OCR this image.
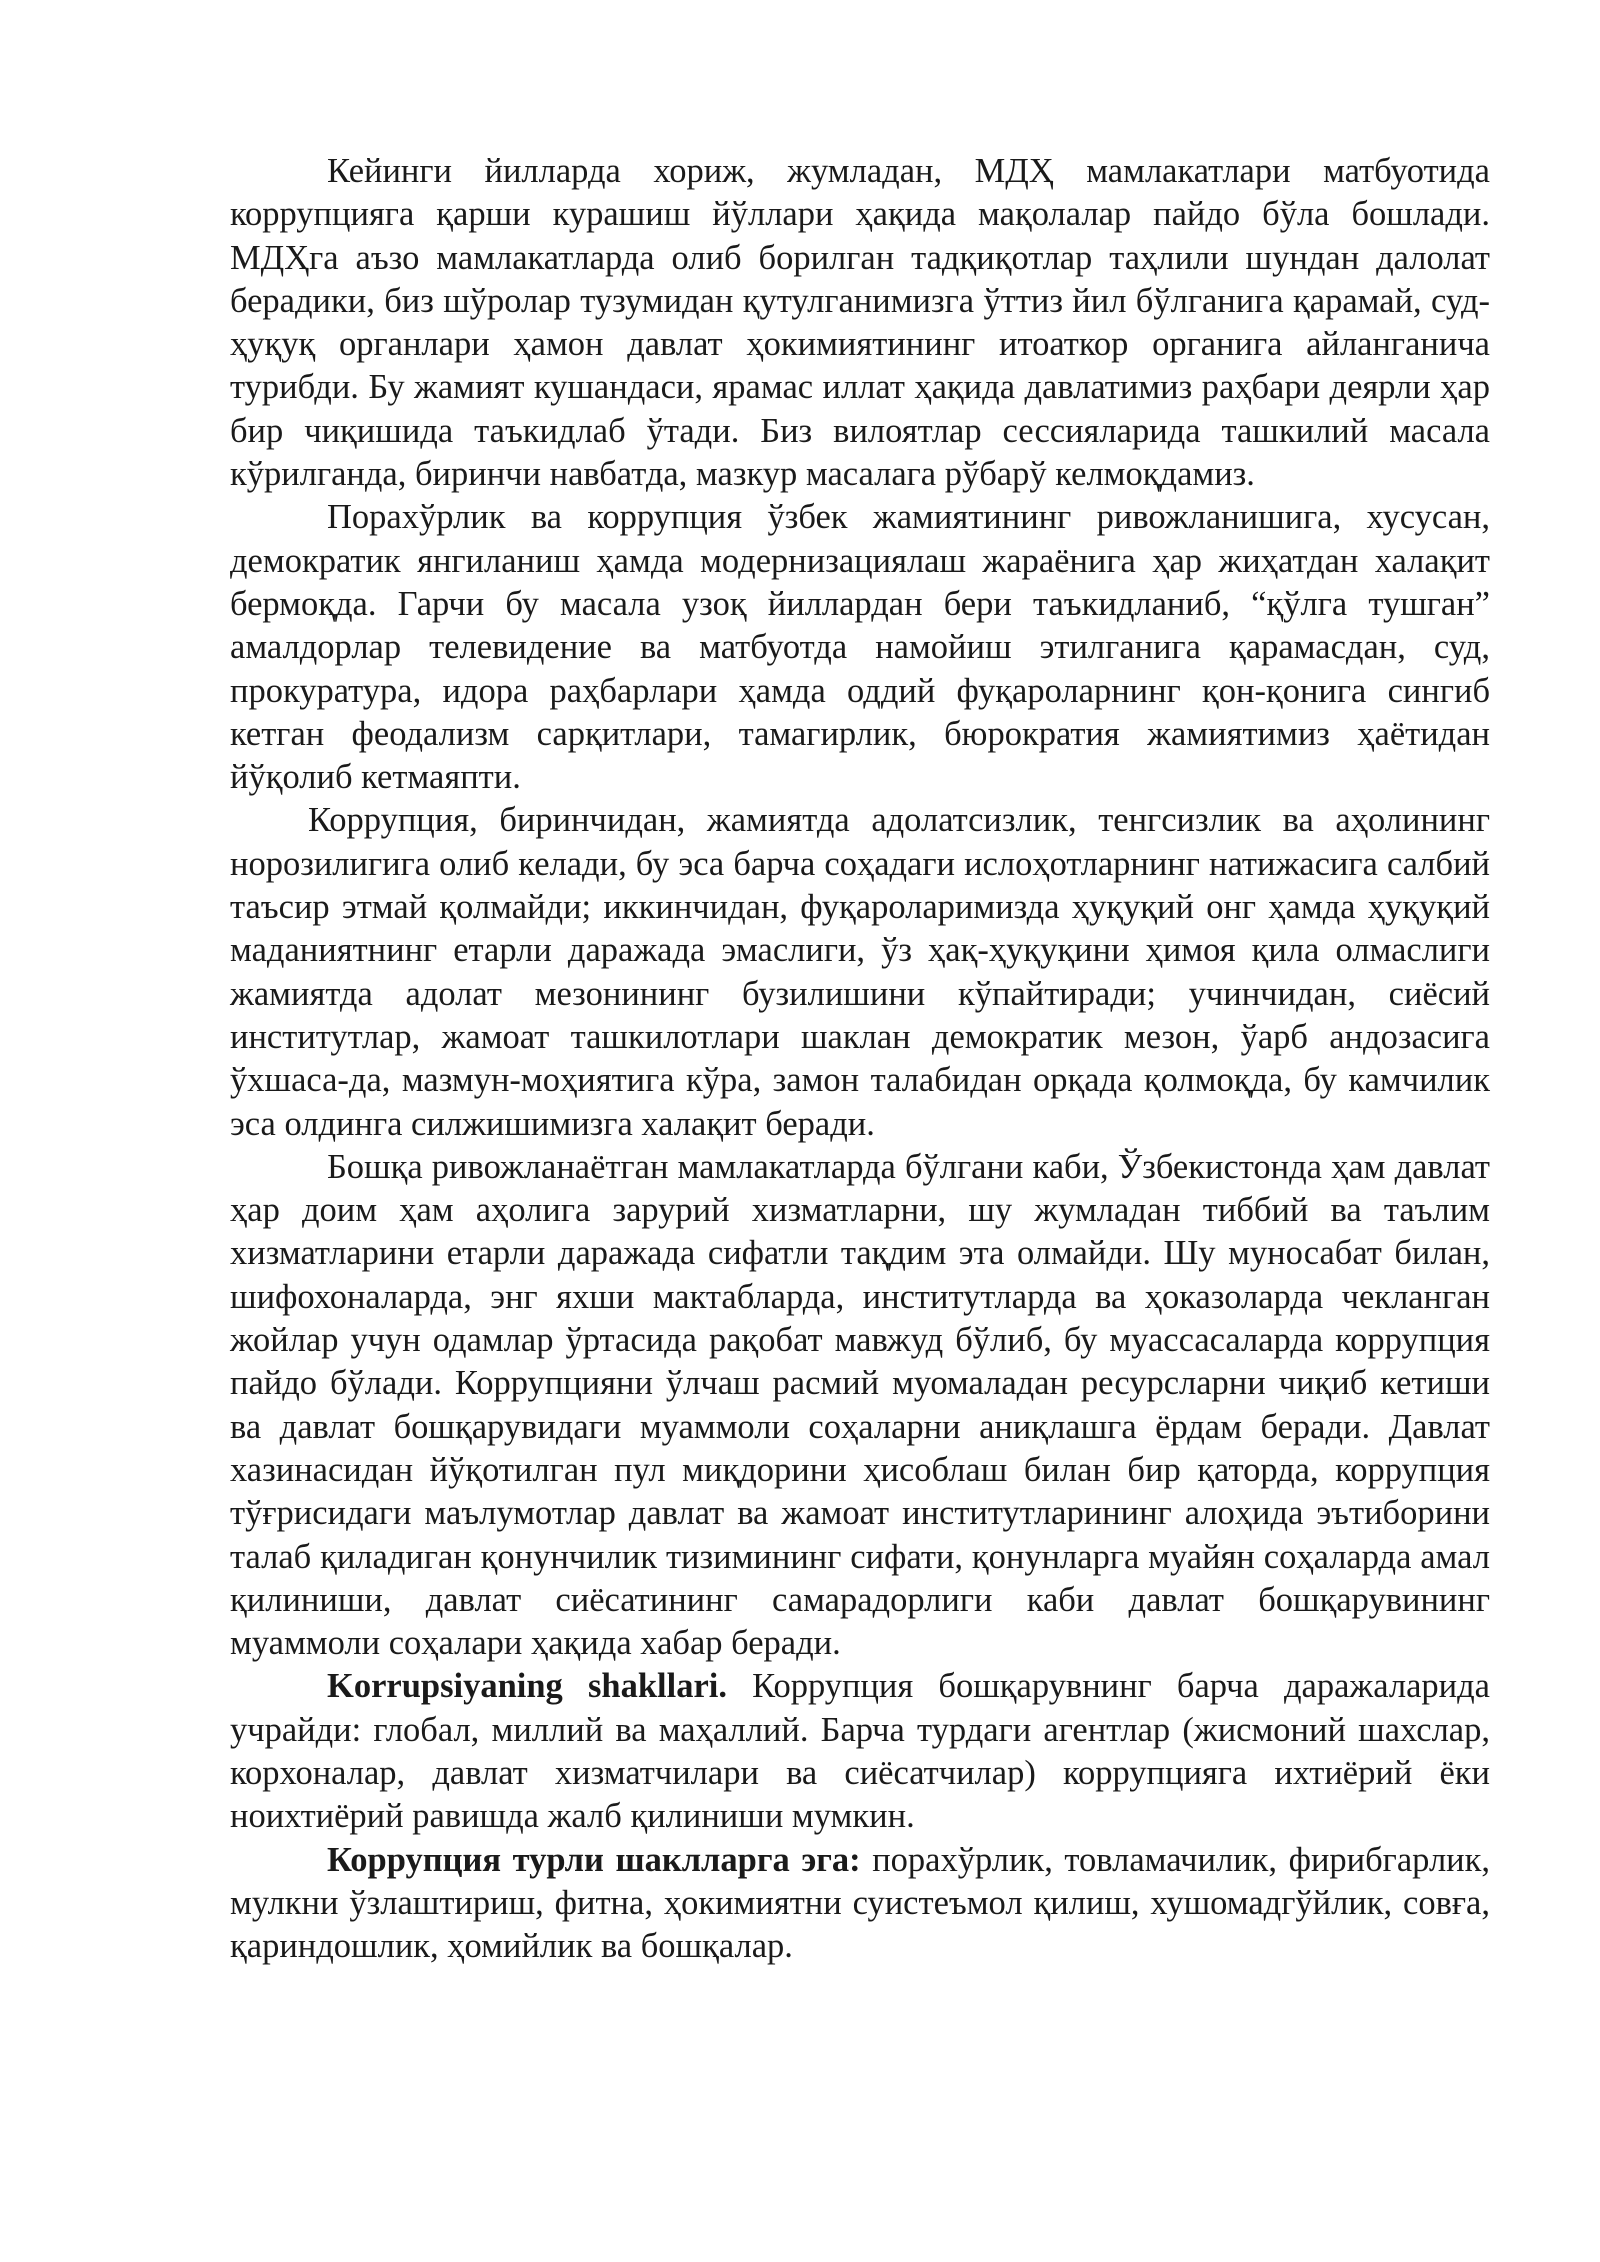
Кейинги йилларда хориж, жумладан, МДҲ мамлакатлари матбуотида коррупцияга қарши курашиш йўллари ҳақида мақолалар пайдо бўла бошлади. МДҲга аъзо мамлакатларда олиб борилган тадқиқотлар таҳлили шундан далолат берадики, биз шўролар тузумидан қутулганимизга ўттиз йил бўлганига қарамай, суд-ҳуқуқ органлари ҳамон давлат ҳокимиятининг итоаткор органига айланганича турибди. Бу жамият кушандаси, ярамас иллат ҳақида давлатимиз раҳбари деярли ҳар бир чиқишида таъкидлаб ўтади. Биз вилоятлар сессияларида ташкилий масала кўрилганда, биринчи навбатда, мазкур масалага рўбарў келмоқдамиз.

Порахўрлик ва коррупция ўзбек жамиятининг ривожланишига, хусусан, демократик янгиланиш ҳамда модернизациялаш жараёнига ҳар жиҳатдан халақит бермоқда. Гарчи бу масала узоқ йиллардан бери таъкидланиб, “қўлга тушган” амалдорлар телевидение ва матбуотда намойиш этилганига қарамасдан, суд, прокуратура, идора раҳбарлари ҳамда оддий фуқароларнинг қон-қонига сингиб кетган феодализм сарқитлари, тамагирлик, бюрократия жамиятимиз ҳаётидан йўқолиб кетмаяпти.

Коррупция, биринчидан, жамиятда адолатсизлик, тенгсизлик ва аҳолининг норозилигига олиб келади, бу эса барча соҳадаги ислоҳотларнинг натижасига салбий таъсир этмай қолмайди; иккинчидан, фуқароларимизда ҳуқуқий онг ҳамда ҳуқуқий маданиятнинг етарли даражада эмаслиги, ўз ҳақ-ҳуқуқини ҳимоя қила олмаслиги жамиятда адолат мезонининг бузилишини кўпайтиради; учинчидан, сиёсий институтлар, жамоат ташкилотлари шаклан демократик мезон, ўарб андозасига ўхшаса-да, мазмун-моҳиятига кўра, замон талабидан орқада қолмоқда, бу камчилик эса олдинга силжишимизга халақит беради.

Бошқа ривожланаётган мамлакатларда бўлгани каби, Ўзбекистонда ҳам давлат ҳар доим ҳам аҳолига зарурий хизматларни, шу жумладан тиббий ва таълим хизматларини етарли даражада сифатли тақдим эта олмайди. Шу муносабат билан, шифохоналарда, энг яхши мактабларда, институтларда ва ҳоказоларда чекланган жойлар учун одамлар ўртасида рақобат мавжуд бўлиб, бу муассасаларда коррупция пайдо бўлади. Коррупцияни ўлчаш расмий муомаладан ресурсларни чиқиб кетиши ва давлат бошқарувидаги муаммоли соҳаларни аниқлашга ёрдам беради. Давлат хазинасидан йўқотилган пул миқдорини ҳисоблаш билан бир қаторда, коррупция тўғрисидаги маълумотлар давлат ва жамоат институтларининг алоҳида эътиборини талаб қиладиган қонунчилик тизимининг сифати, қонунларга муайян соҳаларда амал қилиниши, давлат сиёсатининг самарадорлиги каби давлат бошқарувининг муаммоли соҳалари ҳақида хабар беради.

Korrupsiyaning shakllari. Коррупция бошқарувнинг барча даражаларида учрайди: глобал, миллий ва маҳаллий. Барча турдаги агентлар (жисмоний шахслар, корхоналар, давлат хизматчилари ва сиёсатчилар) коррупцияга ихтиёрий ёки ноихтиёрий равишда жалб қилиниши мумкин.

Коррупция турли шаклларга эга: порахўрлик, товламачилик, фирибгарлик, мулкни ўзлаштириш, фитна, ҳокимиятни суистеъмол қилиш, хушомадгўйлик, совға, қариндошлик, ҳомийлик ва бошқалар.
